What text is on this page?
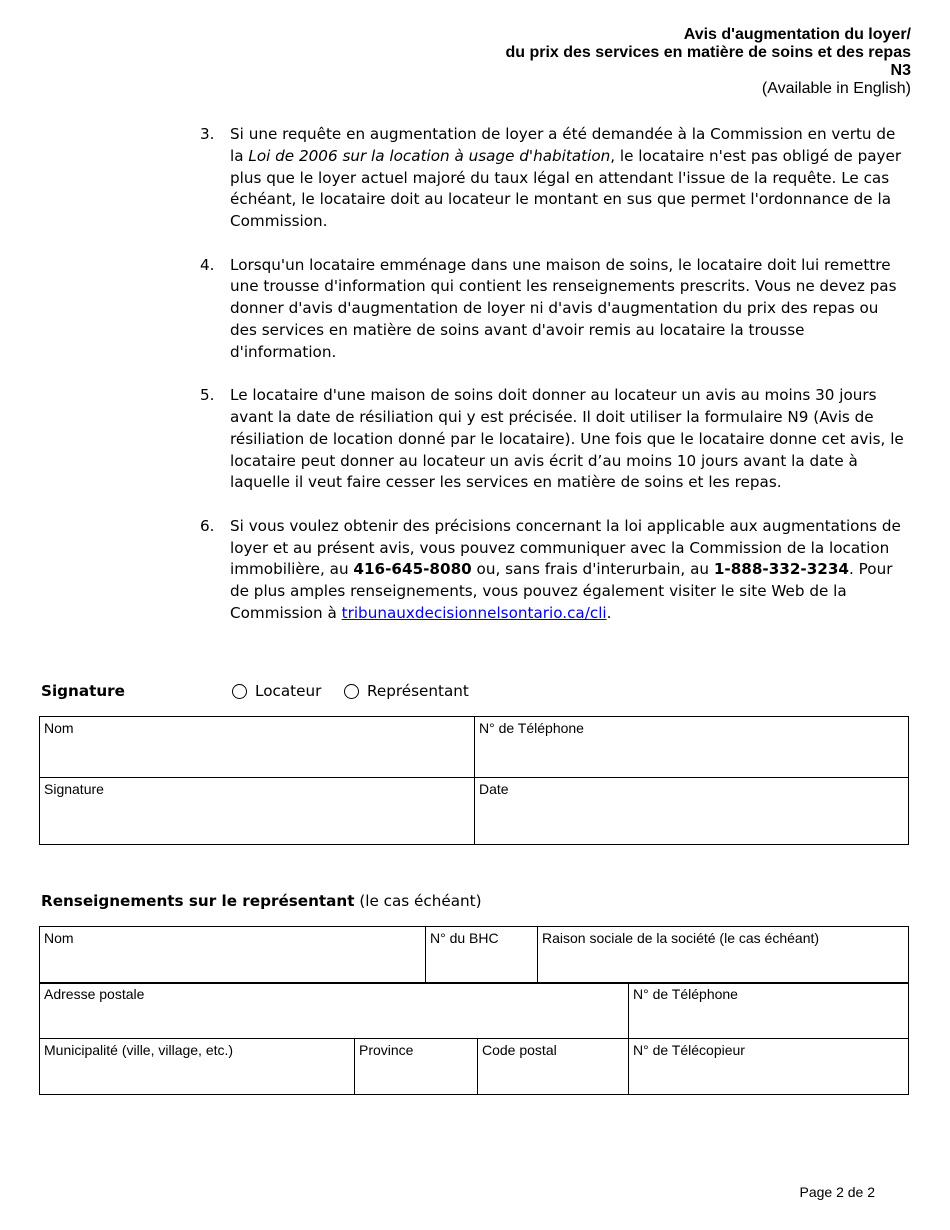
Avis d'augmentation du loyer/
du prix des services en matière de soins et des repas
N3
(Available in English)
3.	Si une requête en augmentation de loyer a été demandée à la Commission en vertu de la Loi de 2006 sur la location à usage d'habitation, le locataire n'est pas obligé de payer plus que le loyer actuel majoré du taux légal en attendant l'issue de la requête. Le cas échéant, le locataire doit au locateur le montant en sus que permet l'ordonnance de la Commission.
4.	Lorsqu'un locataire emménage dans une maison de soins, le locataire doit lui remettre une trousse d'information qui contient les renseignements prescrits. Vous ne devez pas donner d'avis d'augmentation de loyer ni d'avis d'augmentation du prix des repas ou des services en matière de soins avant d'avoir remis au locataire la trousse d'information.
5.	Le locataire d'une maison de soins doit donner au locateur un avis au moins 30 jours avant la date de résiliation qui y est précisée. Il doit utiliser la formulaire N9 (Avis de résiliation de location donné par le locataire). Une fois que le locataire donne cet avis, le locataire peut donner au locateur un avis écrit d’au moins 10 jours avant la date à laquelle il veut faire cesser les services en matière de soins et les repas.
6.	Si vous voulez obtenir des précisions concernant la loi applicable aux augmentations de loyer et au présent avis, vous pouvez communiquer avec la Commission de la location immobilière, au 416-645-8080 ou, sans frais d'interurbain, au 1-888-332-3234. Pour de plus amples renseignements, vous pouvez également visiter le site Web de la Commission à tribunauxdecisionnelsontario.ca/cli.
Signature	Locateur	Représentant
Nom	N° de Téléphone
Signature	Date
Renseignements sur le représentant (le cas échéant)
Nom	N° du BHC	Raison sociale de la société (le cas échéant)
Adresse postale	N° de Téléphone
Municipalité (ville, village, etc.)	Province	Code postal	N° de Télécopieur
Page 2 de 2
